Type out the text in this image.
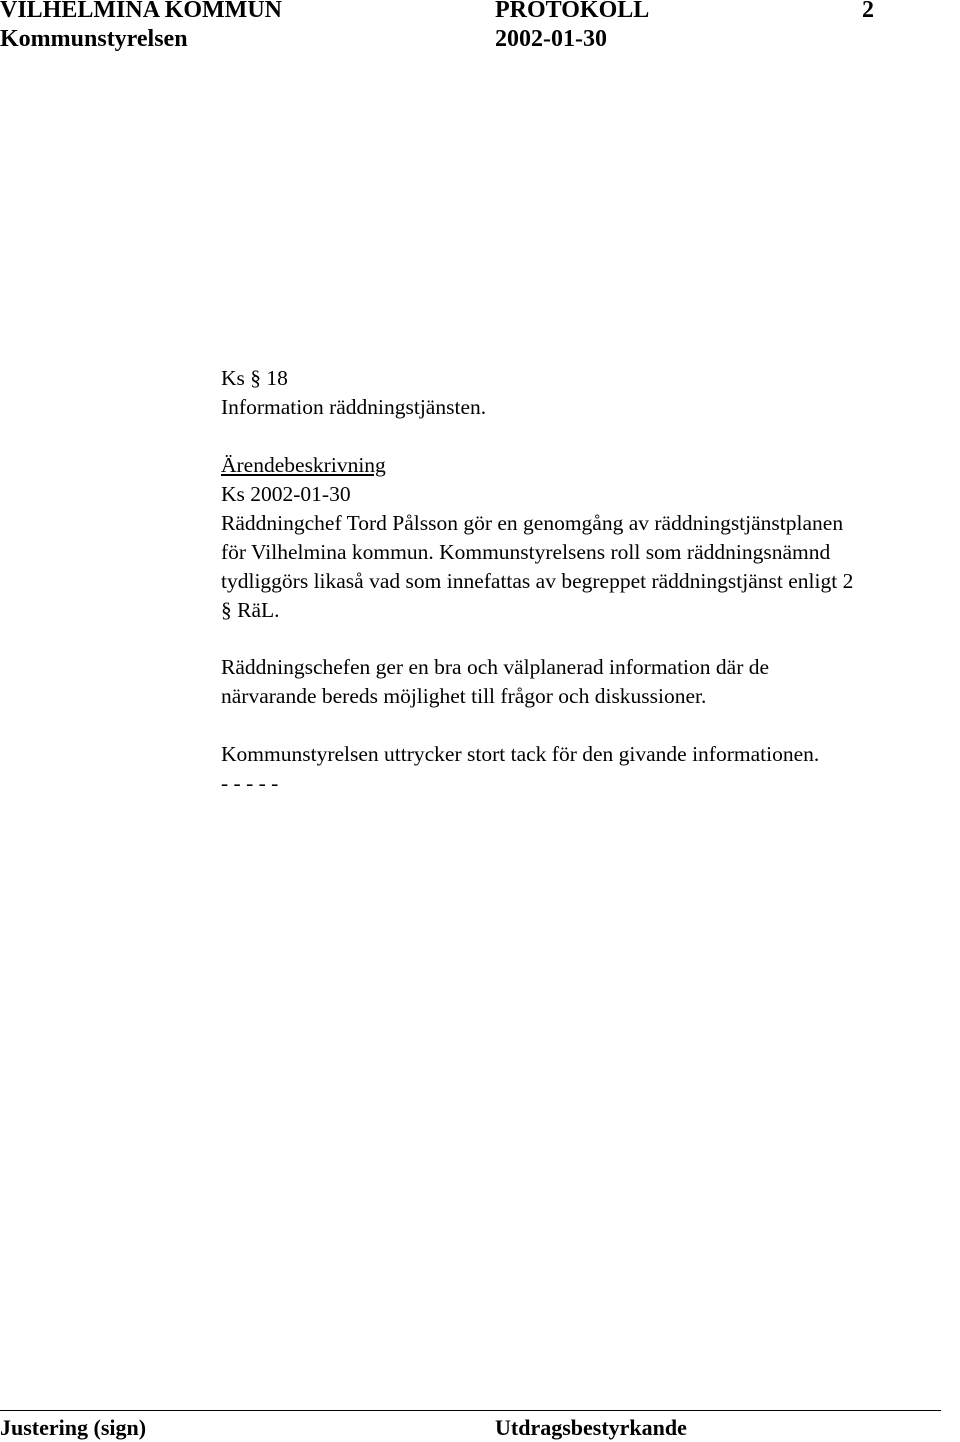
VILHELMINA KOMMUN	PROTOKOLL	2
Kommunstyrelsen	2002-01-30
Ks § 18
Information räddningstjänsten.
Ärendebeskrivning
Ks 2002-01-30
Räddningchef Tord Pålsson gör en genomgång av räddningstjänstplanen
för Vilhelmina kommun. Kommunstyrelsens roll som räddningsnämnd
tydliggörs likaså vad som innefattas av begreppet räddningstjänst enligt 2
§ RäL.
Räddningschefen ger en bra och välplanerad information där de
närvarande bereds möjlighet till frågor och diskussioner.
Kommunstyrelsen uttrycker stort tack för den givande informationen.
- - - - -
Justering (sign)	Utdragsbestyrkande
